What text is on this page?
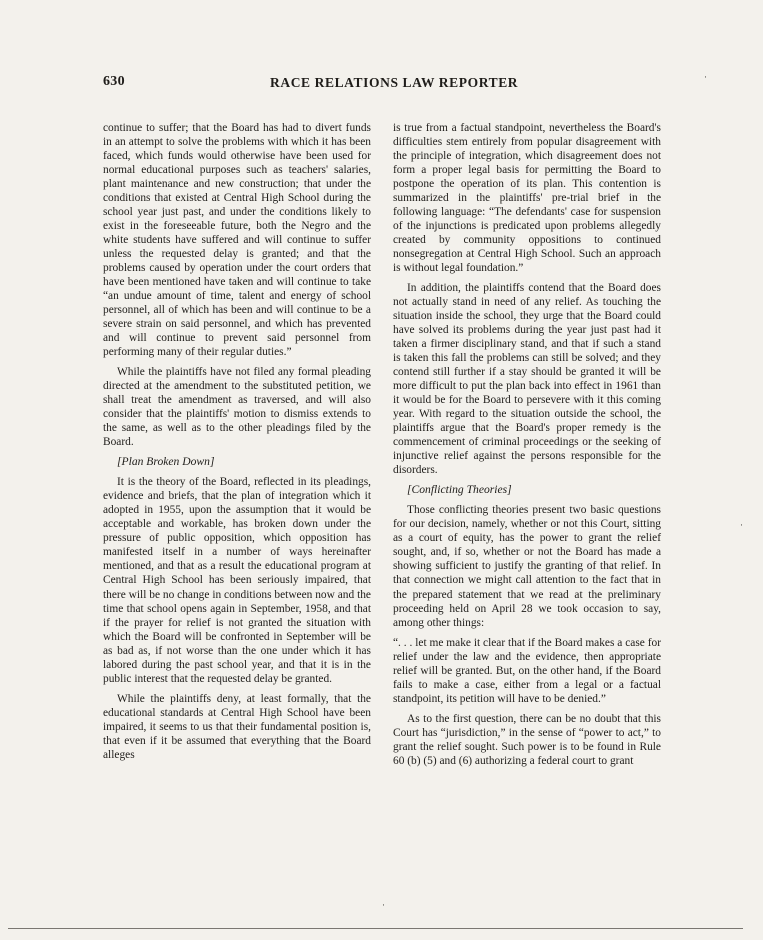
630	RACE RELATIONS LAW REPORTER

continue to suffer; that the Board has had to divert funds in an attempt to solve the problems with which it has been faced, which funds would otherwise have been used for normal educational purposes such as teachers' salaries, plant maintenance and new construction; that under the conditions that existed at Central High School during the school year just past, and under the conditions likely to exist in the foreseeable future, both the Negro and the white students have suffered and will continue to suffer unless the requested delay is granted; and that the problems caused by operation under the court orders that have been mentioned have taken and will continue to take “an undue amount of time, talent and energy of school personnel, all of which has been and will continue to be a severe strain on said personnel, and which has prevented and will continue to prevent said personnel from performing many of their regular duties.”

While the plaintiffs have not filed any formal pleading directed at the amendment to the substituted petition, we shall treat the amendment as traversed, and will also consider that the plaintiffs' motion to dismiss extends to the same, as well as to the other pleadings filed by the Board.

[Plan Broken Down]

It is the theory of the Board, reflected in its pleadings, evidence and briefs, that the plan of integration which it adopted in 1955, upon the assumption that it would be acceptable and workable, has broken down under the pressure of public opposition, which opposition has manifested itself in a number of ways hereinafter mentioned, and that as a result the educational program at Central High School has been seriously impaired, that there will be no change in conditions between now and the time that school opens again in September, 1958, and that if the prayer for relief is not granted the situation with which the Board will be confronted in September will be as bad as, if not worse than the one under which it has labored during the past school year, and that it is in the public interest that the requested delay be granted.

While the plaintiffs deny, at least formally, that the educational standards at Central High School have been impaired, it seems to us that their fundamental position is, that even if it be assumed that everything that the Board alleges

is true from a factual standpoint, nevertheless the Board's difficulties stem entirely from popular disagreement with the principle of integration, which disagreement does not form a proper legal basis for permitting the Board to postpone the operation of its plan. This contention is summarized in the plaintiffs' pre-trial brief in the following language: “The defendants' case for suspension of the injunctions is predicated upon problems allegedly created by community oppositions to continued nonsegregation at Central High School. Such an approach is without legal foundation.”

In addition, the plaintiffs contend that the Board does not actually stand in need of any relief. As touching the situation inside the school, they urge that the Board could have solved its problems during the year just past had it taken a firmer disciplinary stand, and that if such a stand is taken this fall the problems can still be solved; and they contend still further if a stay should be granted it will be more difficult to put the plan back into effect in 1961 than it would be for the Board to persevere with it this coming year. With regard to the situation outside the school, the plaintiffs argue that the Board's proper remedy is the commencement of criminal proceedings or the seeking of injunctive relief against the persons responsible for the disorders.

[Conflicting Theories]

Those conflicting theories present two basic questions for our decision, namely, whether or not this Court, sitting as a court of equity, has the power to grant the relief sought, and, if so, whether or not the Board has made a showing sufficient to justify the granting of that relief. In that connection we might call attention to the fact that in the prepared statement that we read at the preliminary proceeding held on April 28 we took occasion to say, among other things:

“. . . let me make it clear that if the Board makes a case for relief under the law and the evidence, then appropriate relief will be granted. But, on the other hand, if the Board fails to make a case, either from a legal or a factual standpoint, its petition will have to be denied.”

As to the first question, there can be no doubt that this Court has “jurisdiction,” in the sense of “power to act,” to grant the relief sought. Such power is to be found in Rule 60 (b) (5) and (6) authorizing a federal court to grant

·
·
·
